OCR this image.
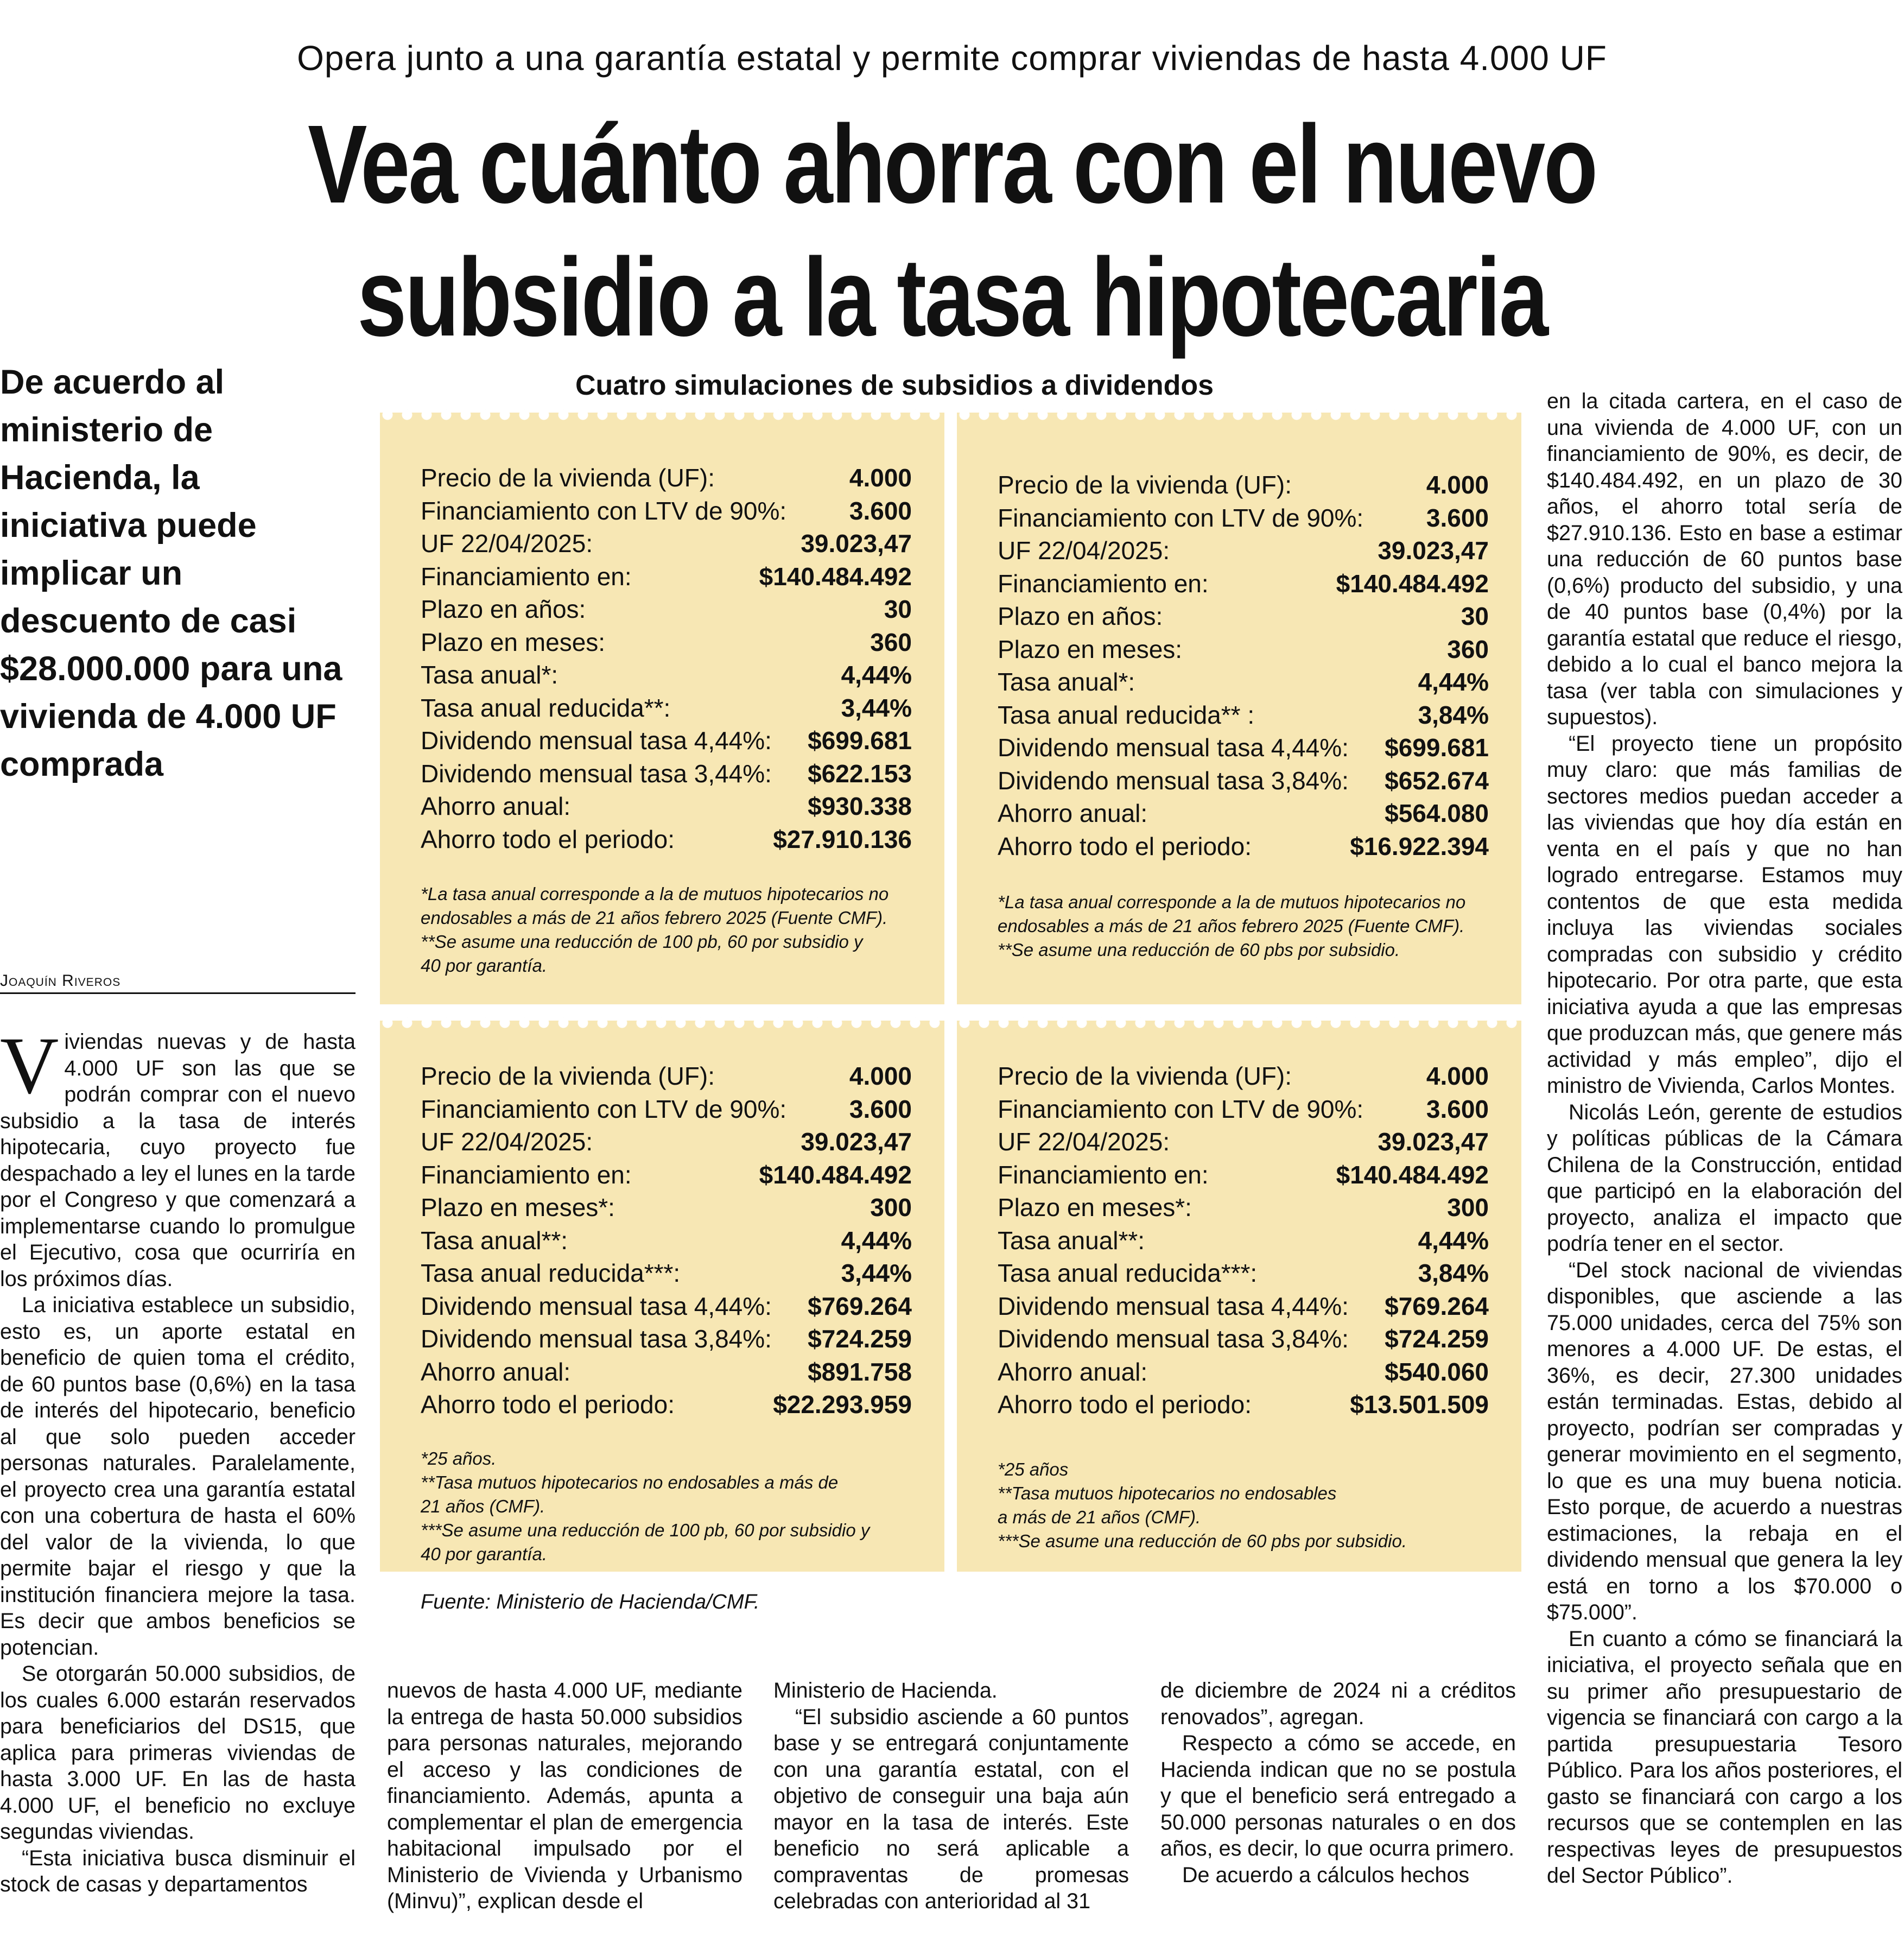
Opera junto a una garantía estatal y permite comprar viviendas de hasta 4.000 UF
Vea cuánto ahorra con el nuevo
subsidio a la tasa hipotecaria
De acuerdo al ministerio de Hacienda, la iniciativa puede implicar un descuento de casi $28.000.000 para una vivienda de 4.000 UF comprada
Joaquín Riveros

Viviendas nuevas y de hasta 4.000 UF son las que se podrán comprar con el nuevo subsidio a la tasa de interés hipotecaria, cuyo proyecto fue despachado a ley el lunes en la tarde por el Congreso y que comenzará a implementarse cuando lo promulgue el Ejecutivo, cosa que ocurriría en los próximos días.

La iniciativa establece un subsidio, esto es, un aporte estatal en beneficio de quien toma el crédito, de 60 puntos base (0,6%) en la tasa de interés del hipotecario, beneficio al que solo pueden acceder personas naturales. Paralelamente, el proyecto crea una garantía estatal con una cobertura de hasta el 60% del valor de la vivienda, lo que permite bajar el riesgo y que la institución financiera mejore la tasa. Es decir que ambos beneficios se potencian.

Se otorgarán 50.000 subsidios, de los cuales 6.000 estarán reservados para beneficiarios del DS15, que aplica para primeras viviendas de hasta 3.000 UF. En las de hasta 4.000 UF, el beneficio no excluye segundas viviendas.

“Esta iniciativa busca disminuir el stock de casas y departamentos

nuevos de hasta 4.000 UF, mediante la entrega de hasta 50.000 subsidios para personas naturales, mejorando el acceso y las condiciones de financiamiento. Además, apunta a complementar el plan de emergencia habitacional impulsado por el Ministerio de Vivienda y Urbanismo (Minvu)”, explican desde el

Ministerio de Hacienda.

“El subsidio asciende a 60 puntos base y se entregará conjuntamente con una garantía estatal, con el objetivo de conseguir una baja aún mayor en la tasa de interés. Este beneficio no será aplicable a compraventas de promesas celebradas con anterioridad al 31

de diciembre de 2024 ni a créditos renovados”, agregan.

Respecto a cómo se accede, en Hacienda indican que no se postula y que el beneficio será entregado a 50.000 personas naturales o en dos años, es decir, lo que ocurra primero.

De acuerdo a cálculos hechos

en la citada cartera, en el caso de una vivienda de 4.000 UF, con un financiamiento de 90%, es decir, de $140.484.492, en un plazo de 30 años, el ahorro total sería de $27.910.136. Esto en base a estimar una reducción de 60 puntos base (0,6%) producto del subsidio, y una de 40 puntos base (0,4%) por la garantía estatal que reduce el riesgo, debido a lo cual el banco mejora la tasa (ver tabla con simulaciones y supuestos).

“El proyecto tiene un propósito muy claro: que más familias de sectores medios puedan acceder a las viviendas que hoy día están en venta en el país y que no han logrado entregarse. Estamos muy contentos de que esta medida incluya las viviendas sociales compradas con subsidio y crédito hipotecario. Por otra parte, que esta iniciativa ayuda a que las empresas que produzcan más, que genere más actividad y más empleo”, dijo el ministro de Vivienda, Carlos Montes.

Nicolás León, gerente de estudios y políticas públicas de la Cámara Chilena de la Construcción, entidad que participó en la elaboración del proyecto, analiza el impacto que podría tener en el sector.

“Del stock nacional de viviendas disponibles, que asciende a las 75.000 unidades, cerca del 75% son menores a 4.000 UF. De estas, el 36%, es decir, 27.300 unidades están terminadas. Estas, debido al proyecto, podrían ser compradas y generar movimiento en el segmento, lo que es una muy buena noticia. Esto porque, de acuerdo a nuestras estimaciones, la rebaja en el dividendo mensual que genera la ley está en torno a los $70.000 o $75.000”.

En cuanto a cómo se financiará la iniciativa, el proyecto señala que en su primer año presupuestario de vigencia se financiará con cargo a la partida presupuestaria Tesoro Público. Para los años posteriores, el gasto se financiará con cargo a los recursos que se contemplen en las respectivas leyes de presupuestos del Sector Público”.

Cuatro simulaciones de subsidios a dividendos
Precio de la vivienda (UF):	4.000
Financiamiento con LTV de 90%:	3.600
UF 22/04/2025:	39.023,47
Financiamiento en:	$140.484.492
Plazo en años:	30
Plazo en meses:	360
Tasa anual*:	4,44%
Tasa anual reducida**:	3,44%
Dividendo mensual tasa 4,44%: $699.681
Dividendo mensual tasa 3,44%: $622.153
Ahorro anual:	$930.338
Ahorro todo el periodo:	$27.910.136
*La tasa anual corresponde a la de mutuos hipotecarios no
endosables a más de 21 años febrero 2025 (Fuente CMF).
**Se asume una reducción de 100 pb, 60 por subsidio y
40 por garantía.
Precio de la vivienda (UF):	4.000
Financiamiento con LTV de 90%:	3.600
UF 22/04/2025:	39.023,47
Financiamiento en:	$140.484.492
Plazo en años:	30
Plazo en meses:	360
Tasa anual*:	4,44%
Tasa anual reducida** :	3,84%
Dividendo mensual tasa 4,44%: $699.681
Dividendo mensual tasa 3,84%: $652.674
Ahorro anual:	$564.080
Ahorro todo el periodo:	$16.922.394
*La tasa anual corresponde a la de mutuos hipotecarios no
endosables a más de 21 años febrero 2025 (Fuente CMF).
**Se asume una reducción de 60 pbs por subsidio.
Precio de la vivienda (UF):	4.000
Financiamiento con LTV de 90%:	3.600
UF 22/04/2025:	39.023,47
Financiamiento en:	$140.484.492
Plazo en meses*:	300
Tasa anual**:	4,44%
Tasa anual reducida***:	3,44%
Dividendo mensual tasa 4,44%: $769.264
Dividendo mensual tasa 3,84%: $724.259
Ahorro anual:	$891.758
Ahorro todo el periodo:	$22.293.959
*25 años.
**Tasa mutuos hipotecarios no endosables a más de
21 años (CMF).
***Se asume una reducción de 100 pb, 60 por subsidio y
40 por garantía.
Precio de la vivienda (UF):	4.000
Financiamiento con LTV de 90%:	3.600
UF 22/04/2025:	39.023,47
Financiamiento en:	$140.484.492
Plazo en meses*:	300
Tasa anual**:	4,44%
Tasa anual reducida***:	3,84%
Dividendo mensual tasa 4,44%: $769.264
Dividendo mensual tasa 3,84%: $724.259
Ahorro anual:	$540.060
Ahorro todo el periodo:	$13.501.509
*25 años
**Tasa mutuos hipotecarios no endosables
a más de 21 años (CMF).
***Se asume una reducción de 60 pbs por subsidio.
Fuente: Ministerio de Hacienda/CMF.
